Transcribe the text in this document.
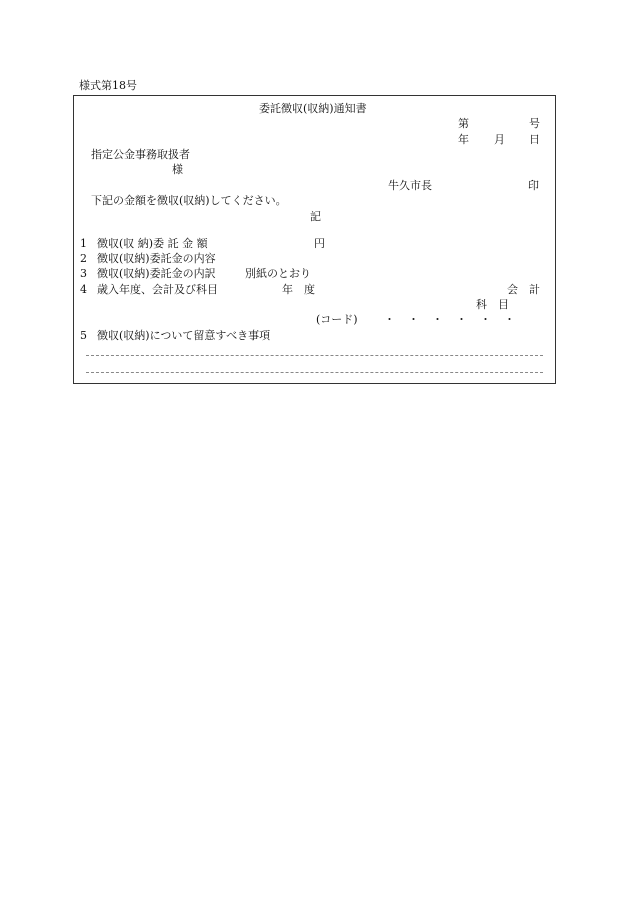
様式第18号
委託徴収(収納)通知書
第	号
年 月 日
指定公金事務取扱者
様
牛久市長	印
下記の金額を徴収(収納)してください。
記
1 徴収(収 納)委 託 金 額	円
2 徴収(収納)委託金の内容
3 徴収(収納)委託金の内訳	別紙のとおり
4 歳入年度、会計及び科目	年　度	会　計
科　目
(コード) ・ ・ ・ ・ ・ ・
5 徴収(収納)について留意すべき事項
